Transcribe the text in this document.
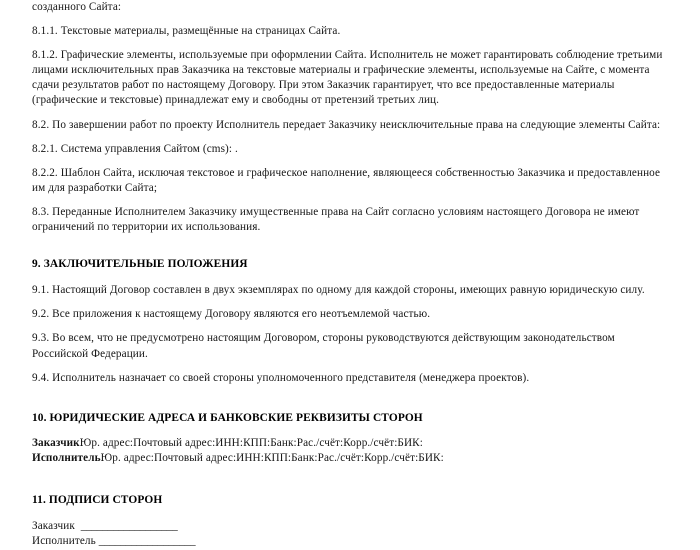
созданного Сайта:

8.1.1. Текстовые материалы, размещённые на страницах Сайта.

8.1.2. Графические элементы, используемые при оформлении Сайта. Исполнитель не может гарантировать соблюдение третьими лицами исключительных прав Заказчика на текстовые материалы и графические элементы, используемые на Сайте, с момента сдачи результатов работ по настоящему Договору. При этом Заказчик гарантирует, что все предоставленные материалы (графические и текстовые) принадлежат ему и свободны от претензий третьих лиц.

8.2. По завершении работ по проекту Исполнитель передает Заказчику неисключительные права на следующие элементы Сайта:

8.2.1. Система управления Сайтом (cms): .

8.2.2. Шаблон Сайта, исключая текстовое и графическое наполнение, являющееся собственностью Заказчика и предоставленное им для разработки Сайта;

8.3. Переданные Исполнителем Заказчику имущественные права на Сайт согласно условиям настоящего Договора не имеют ограничений по территории их использования.

9. ЗАКЛЮЧИТЕЛЬНЫЕ ПОЛОЖЕНИЯ

9.1. Настоящий Договор составлен в двух экземплярах по одному для каждой стороны, имеющих равную юридическую силу.

9.2. Все приложения к настоящему Договору являются его неотъемлемой частью.

9.3. Во всем, что не предусмотрено настоящим Договором, стороны руководствуются действующим законодательством Российской Федерации.

9.4. Исполнитель назначает со своей стороны уполномоченного представителя (менеджера проектов).

10. ЮРИДИЧЕСКИЕ АДРЕСА И БАНКОВСКИЕ РЕКВИЗИТЫ СТОРОН
ЗаказчикЮр. адрес:Почтовый адрес:ИНН:КПП:Банк:Рас./счёт:Корр./счёт:БИК:
ИсполнительЮр. адрес:Почтовый адрес:ИНН:КПП:Банк:Рас./счёт:Корр./счёт:БИК:
11. ПОДПИСИ СТОРОН
Заказчик __________________
Исполнитель __________________
